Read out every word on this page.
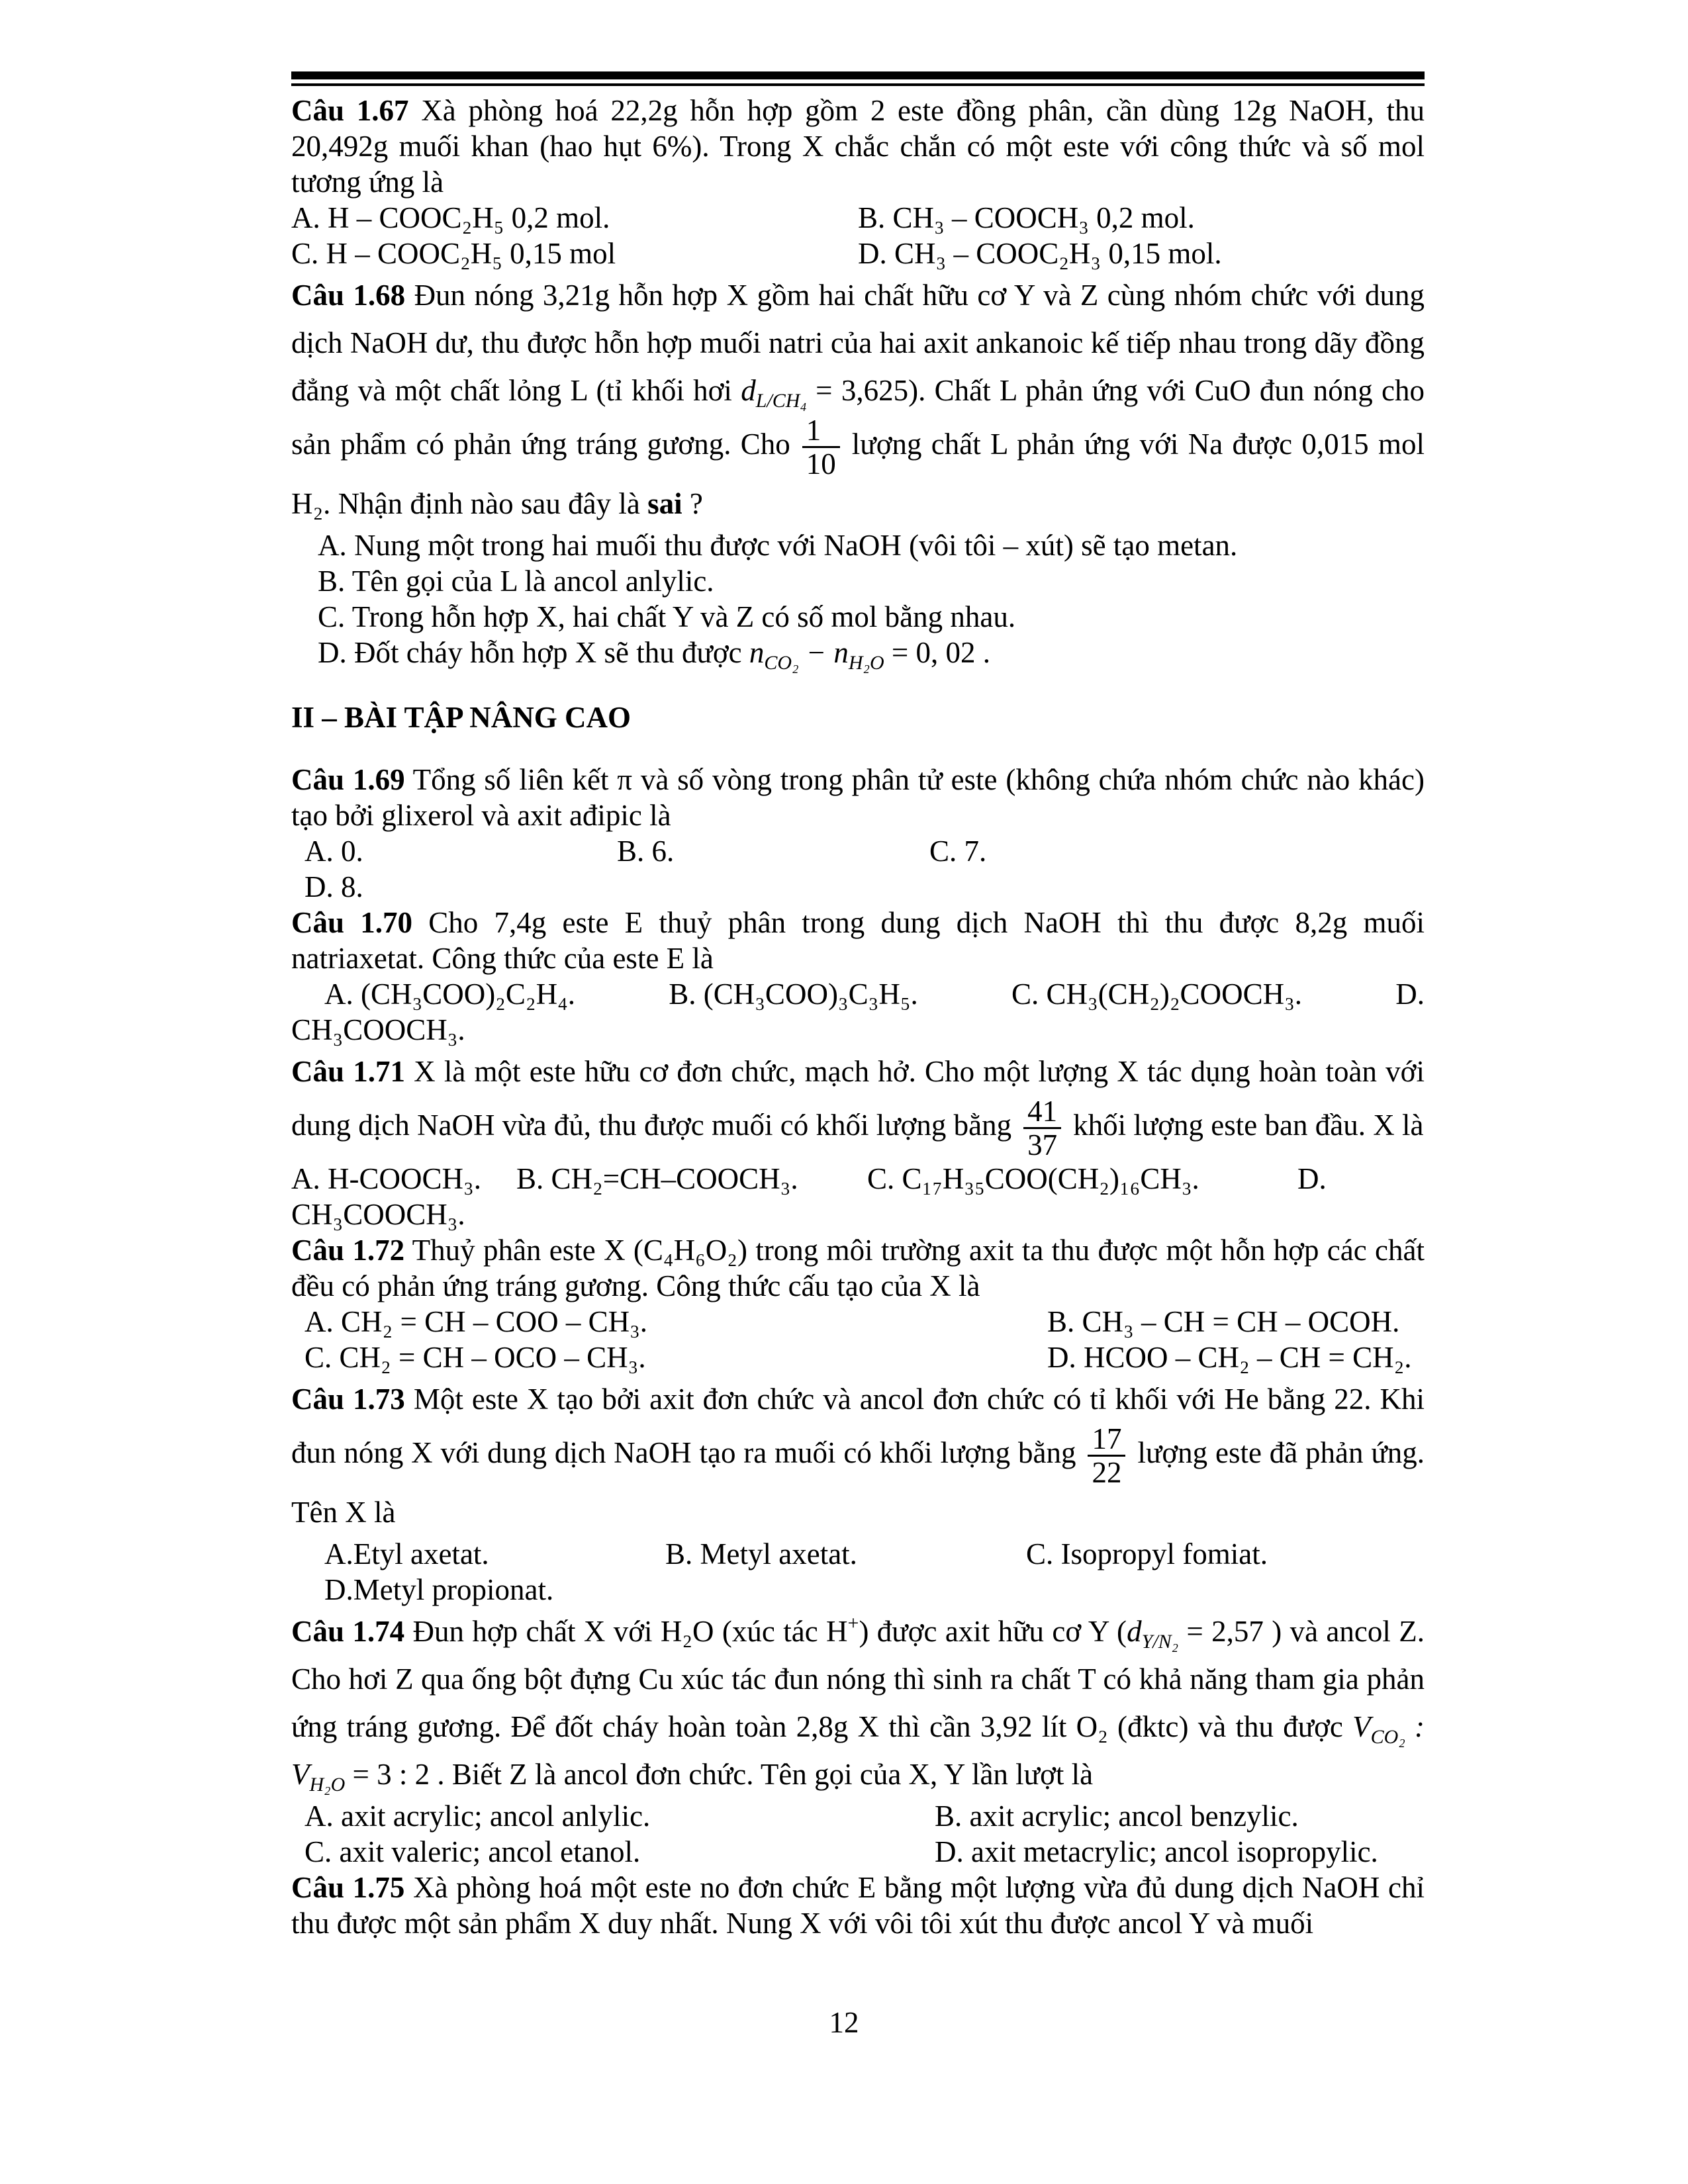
Câu 1.67 Xà phòng hoá 22,2g hỗn hợp gồm 2 este đồng phân, cần dùng 12g NaOH, thu 20,492g muối khan (hao hụt 6%). Trong X chắc chắn có một este với công thức và số mol tương ứng là

A. H – COOC₂H₅ 0,2 mol.	B. CH₃ – COOCH₃ 0,2 mol.
C. H – COOC₂H₅ 0,15 mol	D. CH₃ – COOC₂H₃ 0,15 mol.

Câu 1.68 Đun nóng 3,21g hỗn hợp X gồm hai chất hữu cơ Y và Z cùng nhóm chức với dung dịch NaOH dư, thu được hỗn hợp muối natri của hai axit ankanoic kế tiếp nhau trong dãy đồng đẳng và một chất lỏng L (tỉ khối hơi $d_{L/CH_4} = 3,625$). Chất L phản ứng với CuO đun nóng cho sản phẩm có phản ứng tráng gương. Cho $\frac{1}{10}$ lượng chất L phản ứng với Na được 0,015 mol H₂. Nhận định nào sau đây là sai ?

A. Nung một trong hai muối thu được với NaOH (vôi tôi – xút) sẽ tạo metan.

B. Tên gọi của L là ancol anlylic.

C. Trong hỗn hợp X, hai chất Y và Z có số mol bằng nhau.

D. Đốt cháy hỗn hợp X sẽ thu được $n_{CO_2} - n_{H_2O} = 0$, 02 .

II – BÀI TẬP NÂNG CAO

Câu 1.69 Tổng số liên kết π và số vòng trong phân tử este (không chứa nhóm chức nào khác) tạo bởi glixerol và axit ađipic là

A. 0.	B. 6.	C. 7.

D. 8.

Câu 1.70 Cho 7,4g este E thuỷ phân trong dung dịch NaOH thì thu được 8,2g muối natriaxetat. Công thức của este E là

A. (CH₃COO)₂C₂H₄.	B. (CH₃COO)₃C₃H₅.	C. CH₃(CH₂)₂COOCH₃.	D.

CH₃COOCH₃.

Câu 1.71 X là một este hữu cơ đơn chức, mạch hở. Cho một lượng X tác dụng hoàn toàn với dung dịch NaOH vừa đủ, thu được muối có khối lượng bằng $\frac{41}{37}$ khối lượng este ban đầu. X là

A. H-COOCH₃.	B. CH₂=CH–COOCH₃.	C. C₁₇H₃₅COO(CH₂)₁₆CH₃.	D.

CH₃COOCH₃.

Câu 1.72 Thuỷ phân este X (C₄H₆O₂) trong môi trường axit ta thu được một hỗn hợp các chất đều có phản ứng tráng gương. Công thức cấu tạo của X là

A. CH₂ = CH – COO – CH₃.	B. CH₃ – CH = CH – OCOH.
C. CH₂ = CH – OCO – CH₃.	D. HCOO – CH₂ – CH = CH₂.

Câu 1.73 Một este X tạo bởi axit đơn chức và ancol đơn chức có tỉ khối với He bằng 22. Khi đun nóng X với dung dịch NaOH tạo ra muối có khối lượng bằng $\frac{17}{22}$ lượng este đã phản ứng. Tên X là

A.Etyl axetat.	B. Metyl axetat.	C. Isopropyl fomiat.

D.Metyl propionat.

Câu 1.74 Đun hợp chất X với H₂O (xúc tác H+) được axit hữu cơ Y ($d_{Y/N_2} = 2,57$ ) và ancol Z. Cho hơi Z qua ống bột đựng Cu xúc tác đun nóng thì sinh ra chất T có khả năng tham gia phản ứng tráng gương. Để đốt cháy hoàn toàn 2,8g X thì cần 3,92 lít O₂ (đktc) và thu được $V_{CO_2}$ : $V_{H_2O} = 3$ : 2 . Biết Z là ancol đơn chức. Tên gọi của X, Y lần lượt là

A. axit acrylic; ancol anlylic.	B. axit acrylic; ancol benzylic.
C. axit valeric; ancol etanol.	D. axit metacrylic; ancol isopropylic.

Câu 1.75 Xà phòng hoá một este no đơn chức E bằng một lượng vừa đủ dung dịch NaOH chỉ thu được một sản phẩm X duy nhất. Nung X với vôi tôi xút thu được ancol Y và muối

12
